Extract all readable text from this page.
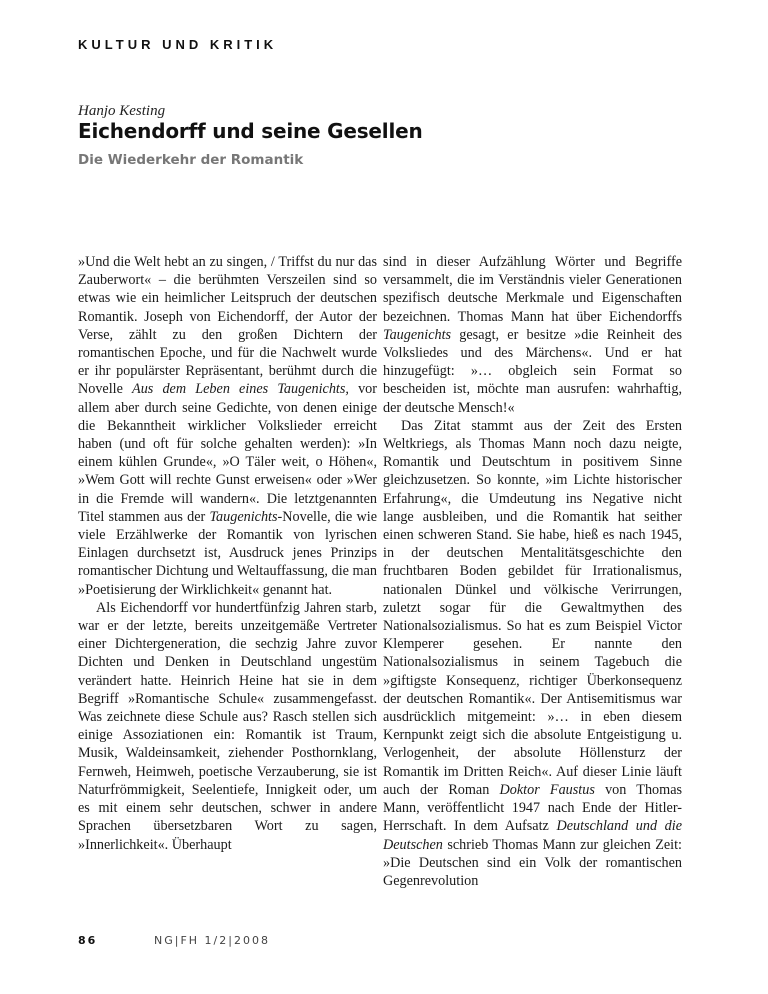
KULTUR UND KRITIK
Hanjo Kesting
Eichendorff und seine Gesellen
Die Wiederkehr der Romantik

»Und die Welt hebt an zu singen, / Triffst du nur das Zauberwort« – die berühmten Verszeilen sind so etwas wie ein heimlicher Leitspruch der deutschen Romantik. Joseph von Eichendorff, der Autor der Verse, zählt zu den großen Dichtern der romantischen Epoche, und für die Nachwelt wurde er ihr populärster Repräsentant, berühmt durch die Novelle Aus dem Leben eines Taugenichts, vor allem aber durch seine Gedichte, von denen einige die Bekanntheit wirklicher Volkslieder erreicht haben (und oft für solche gehalten werden): »In einem kühlen Grunde«, »O Täler weit, o Höhen«, »Wem Gott will rechte Gunst erweisen« oder »Wer in die Fremde will wandern«. Die letztgenannten Titel stammen aus der Taugenichts-Novelle, die wie viele Erzählwerke der Romantik von lyrischen Einlagen durchsetzt ist, Ausdruck jenes Prinzips romantischer Dichtung und Weltauffassung, die man »Poetisierung der Wirklichkeit« genannt hat.

Als Eichendorff vor hundertfünfzig Jahren starb, war er der letzte, bereits unzeitgemäße Vertreter einer Dichtergeneration, die sechzig Jahre zuvor Dichten und Denken in Deutschland ungestüm verändert hatte. Heinrich Heine hat sie in dem Begriff »Romantische Schule« zusammengefasst. Was zeichnete diese Schule aus? Rasch stellen sich einige Assoziationen ein: Romantik ist Traum, Musik, Waldeinsamkeit, ziehender Posthornklang, Fernweh, Heimweh, poetische Verzauberung, sie ist Naturfrömmigkeit, Seelentiefe, Innigkeit oder, um es mit einem sehr deutschen, schwer in andere Sprachen übersetzbaren Wort zu sagen, »Innerlichkeit«. Überhaupt

sind in dieser Aufzählung Wörter und Begriffe versammelt, die im Verständnis vieler Generationen spezifisch deutsche Merkmale und Eigenschaften bezeichnen. Thomas Mann hat über Eichendorffs Taugenichts gesagt, er besitze »die Reinheit des Volksliedes und des Märchens«. Und er hat hinzugefügt: »… obgleich sein Format so bescheiden ist, möchte man ausrufen: wahrhaftig, der deutsche Mensch!«

Das Zitat stammt aus der Zeit des Ersten Weltkriegs, als Thomas Mann noch dazu neigte, Romantik und Deutschtum in positivem Sinne gleichzusetzen. So konnte, »im Lichte historischer Erfahrung«, die Umdeutung ins Negative nicht lange ausbleiben, und die Romantik hat seither einen schweren Stand. Sie habe, hieß es nach 1945, in der deutschen Mentalitätsgeschichte den fruchtbaren Boden gebildet für Irrationalismus, nationalen Dünkel und völkische Verirrungen, zuletzt sogar für die Gewaltmythen des Nationalsozialismus. So hat es zum Beispiel Victor Klemperer gesehen. Er nannte den Nationalsozialismus in seinem Tagebuch die »giftigste Konsequenz, richtiger Überkonsequenz der deutschen Romantik«. Der Antisemitismus war ausdrücklich mitgemeint: »… in eben diesem Kernpunkt zeigt sich die absolute Entgeistigung u. Verlogenheit, der absolute Höllensturz der Romantik im Dritten Reich«. Auf dieser Linie läuft auch der Roman Doktor Faustus von Thomas Mann, veröffentlicht 1947 nach Ende der Hitler-Herrschaft. In dem Aufsatz Deutschland und die Deutschen schrieb Thomas Mann zur gleichen Zeit: »Die Deutschen sind ein Volk der romantischen Gegenrevolution

86	NG|FH 1/2|2008
